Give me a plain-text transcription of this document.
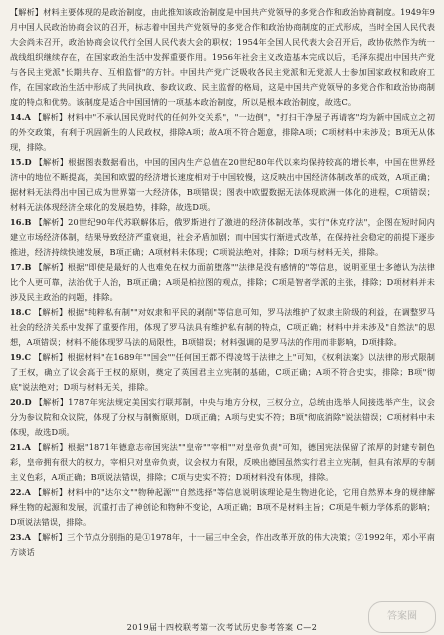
【解析】材料主要体现的是政治制度，由此推知该政治制度是中国共产党领导的多党合作和政治协商制度。1949年9月中国人民政治协商会议的召开，标志着中国共产党领导的多党合作和政治协商制度的正式形成，当时全国人民代表大会尚未召开，政治协商会议代行全国人民代表大会的职权；1954年全国人民代表大会召开后，政协依然作为统一战线组织继续存在，在国家政治生活中发挥重要作用。1956年社会主义改造基本完成以后，毛泽东提出中国共产党与各民主党派"长期共存、互相监督"的方针。中国共产党广泛吸收各民主党派和无党派人士参加国家政权和政府工作，在国家政治生活中形成了共同执政、参政议政、民主监督的格局，这是中国共产党领导的多党合作和政治协商制度的特点和优势。该制度是适合中国国情的一项基本政治制度，所以是根本政治制度，故选C。

14.A 【解析】材料中"不承认国民党时代的任何外交关系"，"一边倒"，"打扫干净屋子再请客"均为新中国成立之初的外交政策，有利于巩固新生的人民政权，排除A项；故A项不符合题意，排除A项；C项材料中未涉及；B项无从体现，排除。

15.D 【解析】根据图表数据看出，中国的国内生产总值在20世纪80年代以来均保持较高的增长率，中国在世界经济中的地位不断提高，美国和欧盟的经济增长速度相对于中国较慢，这反映出中国经济体制改革的成效，A项正确；据材料无法得出中国已成为世界第一大经济体，B项错误；图表中欧盟数据无法体现欧洲一体化的进程，C项错误；材料无法体现经济全球化的发展趋势，排除，故选D项。

16.B 【解析】20世纪90年代苏联解体后，俄罗斯进行了激进的经济体制改革，实行"休克疗法"，企图在短时间内建立市场经济体制，结果导致经济严重衰退，社会矛盾加剧；而中国实行渐进式改革，在保持社会稳定的前提下逐步推进，经济持续快速发展，B项正确；A项材料未体现；C项说法绝对，排除；D项与材料无关，排除。

17.B 【解析】根据"即使是最好的人也难免在权力面前堕落""法律是没有感情的"等信息，说明亚里士多德认为法律比个人更可靠，法治优于人治，B项正确；A项是柏拉图的观点，排除；C项是智者学派的主张，排除；D项材料并未涉及民主政治的问题，排除。

18.C 【解析】根据"纯粹私有制""对奴隶和平民的剥削"等信息可知，罗马法维护了奴隶主阶级的利益，在调整罗马社会的经济关系中发挥了重要作用，体现了罗马法具有维护私有制的特点，C项正确；材料中并未涉及"自然法"的思想，A项错误；材料不能体现罗马法的局限性，B项错误；材料强调的是罗马法的作用而非影响，D项排除。

19.C 【解析】根据材料"在1689年""国会""任何国王都不得凌驾于法律之上"可知，《权利法案》以法律的形式限制了王权，确立了议会高于王权的原则，奠定了英国君主立宪制的基础，C项正确；A项不符合史实，排除；B项"彻底"说法绝对；D项与材料无关，排除。

20.D 【解析】1787年宪法规定美国实行联邦制，中央与地方分权，三权分立，总统由选举人间接选举产生，议会分为参议院和众议院，体现了分权与制衡原则，D项正确；A项与史实不符；B项"彻底消除"说法错误；C项材料中未体现，故选D项。

21.A 【解析】根据"1871年德意志帝国宪法""皇帝""宰相""对皇帝负责"可知，德国宪法保留了浓厚的封建专制色彩，皇帝拥有很大的权力，宰相只对皇帝负责，议会权力有限，反映出德国虽然实行君主立宪制，但具有浓厚的专制主义色彩，A项正确；B项说法错误，排除；C项与史实不符；D项材料没有体现，排除。

22.A 【解析】材料中的"达尔文""物种起源""自然选择"等信息说明该理论是生物进化论，它用自然界本身的规律解释生物的起源和发展，沉重打击了神创论和物种不变论，A项正确；B项不是材料主旨；C项是牛顿力学体系的影响；D项说法错误，排除。

23.A 【解析】三个节点分别指的是①1978年，十一届三中全会，作出改革开放的伟大决策；②1992年，邓小平南方谈话

2019届十四校联考第一次考试历史参考答案 C—2
答案圈
